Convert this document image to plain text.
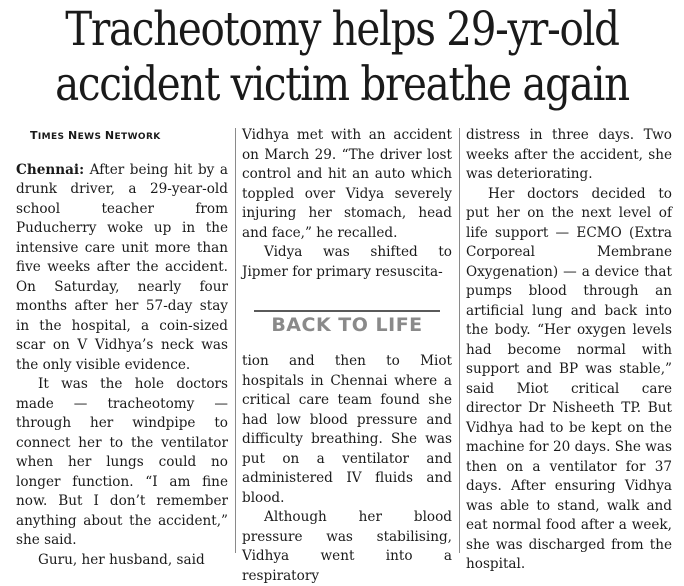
Tracheotomy helps 29-yr-old
accident victim breathe again

TIMES NEWS NETWORK

Chennai: After being hit by a drunk driver, a 29-year-old school teacher from Puducherry woke up in the intensive care unit more than five weeks after the accident. On Saturday, nearly four months after her 57-day stay in the hospital, a coin-sized scar on V Vidhya’s neck was the only visible evidence.

It was the hole doctors made — tracheotomy — through her windpipe to connect her to the ventilator when her lungs could no longer function. “I am fine now. But I don’t remember anything about the accident,” she said.

Guru, her husband, said

Vidhya met with an accident on March 29. “The driver lost control and hit an auto which toppled over Vidya severely injuring her stomach, head and face,” he recalled.

Vidya was shifted to Jipmer for primary resuscita-

BACK TO LIFE

tion and then to Miot hospitals in Chennai where a critical care team found she had low blood pressure and difficulty breathing. She was put on a ventilator and administered IV fluids and blood.

Although her blood pressure was stabilising, Vidhya went into a respiratory

distress in three days. Two weeks after the accident, she was deteriorating.

Her doctors decided to put her on the next level of life support — ECMO (Extra Corporeal Membrane Oxygenation) — a device that pumps blood through an artificial lung and back into the body. “Her oxygen levels had become normal with support and BP was stable,” said Miot critical care director Dr Nisheeth TP. But Vidhya had to be kept on the machine for 20 days. She was then on a ventilator for 37 days. After ensuring Vidhya was able to stand, walk and eat normal food after a week, she was discharged from the hospital.
